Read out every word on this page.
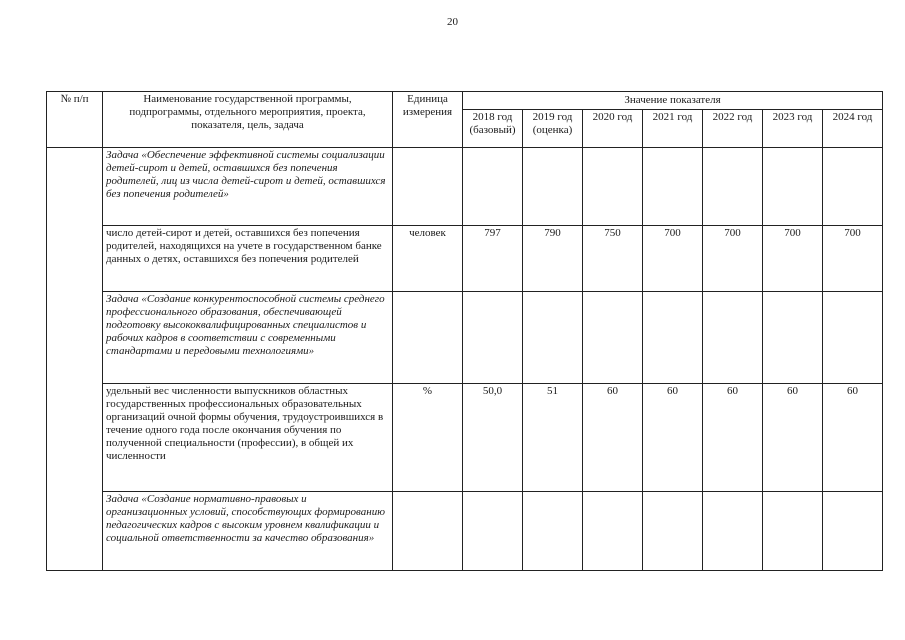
20
№ п/п	Наименование государственной программы, подпрограммы, отдельного мероприятия, проекта, показателя, цель, задача	Единица измерения	Значение показателя						
			2018 год (базовый)	2019 год (оценка)	2020 год	2021 год	2022 год	2023 год	2024 год
	Задача «Обеспечение эффективной системы социализации детей-сирот и детей, оставшихся без попечения родителей, лиц из числа детей-сирот и детей, оставшихся без попечения родителей»								
	число детей-сирот и детей, оставшихся без попечения родителей, находящихся на учете в государственном банке данных о детях, оставшихся без попечения родителей	человек	797	790	750	700	700	700	700
	Задача «Создание конкурентоспособной системы среднего профессионального образования, обеспечивающей подготовку высококвалифицированных специалистов и рабочих кадров в соответствии с современными стандартами и передовыми технологиями»								
	удельный вес численности выпускников областных государственных профессиональных образовательных организаций очной формы обучения, трудоустроившихся в течение одного года после окончания обучения по полученной специальности (профессии), в общей их численности	%	50,0	51	60	60	60	60	60
	Задача «Создание нормативно-правовых и организационных условий, способствующих формированию педагогических кадров с высоким уровнем квалификации и социальной ответственности за качество образования»								
